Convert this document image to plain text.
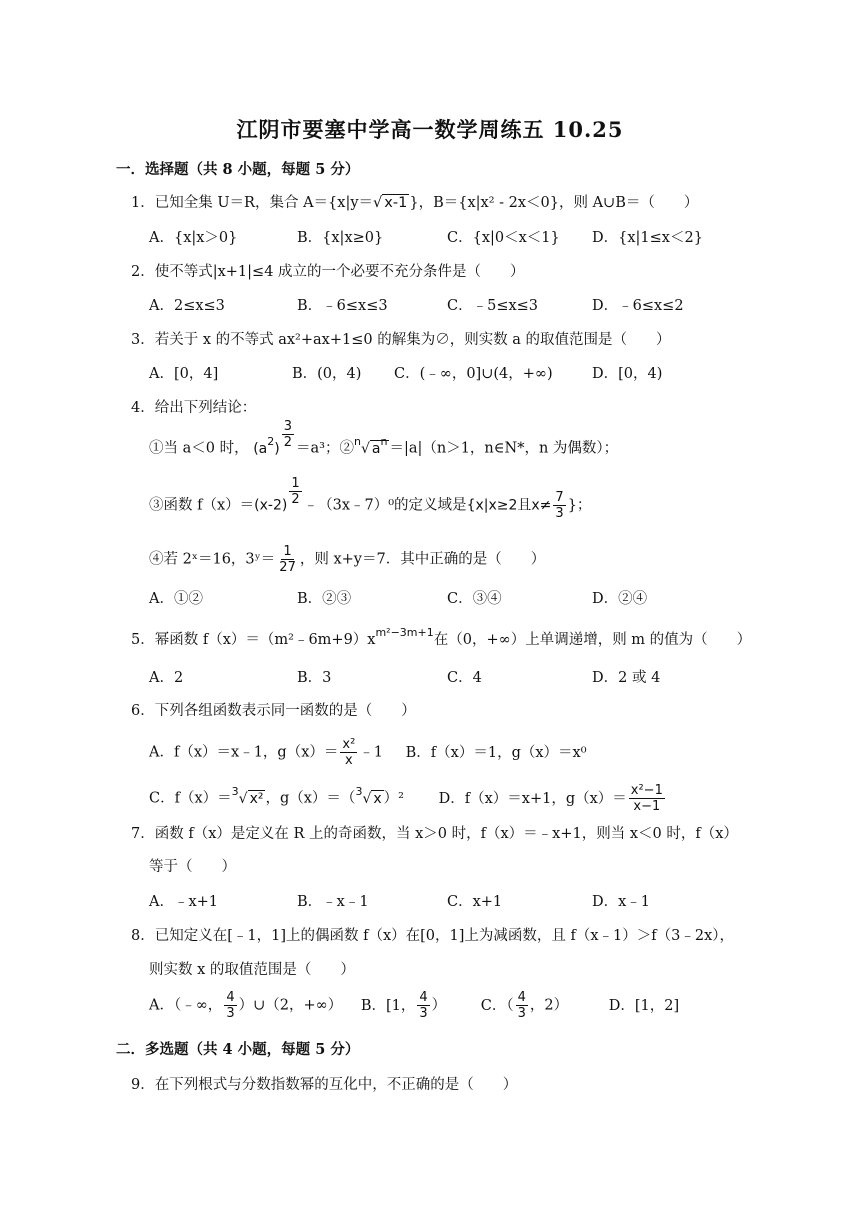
江阴市要塞中学高一数学周练五 10.25
一．选择题（共 8 小题，每题 5 分）
1．已知全集 U＝R，集合 A＝{x|y＝√ x-1 }，B＝{x|x² - 2x＜0}，则 A∪B＝（　　）
A．{x|x＞0}	B．{x|x≥0}	C．{x|0＜x＜1} D．{x|1≤x＜2}
2．使不等式|x+1|≤4 成立的一个必要不充分条件是（　　）
A．2≤x≤3	B．﹣6≤x≤3	C．﹣5≤x≤3	D．﹣6≤x≤2
3．若关于 x 的不等式 ax²+ax+1≤0 的解集为∅，则实数 a 的取值范围是（　　）
A．[0，4]	B．(0，4) C．(﹣∞，0]∪(4，+∞)	D．[0，4)
4．给出下列结论：
①当 a＜0 时， $(a^2) \frac{3}{2} =a^3$；②$^n$√ $a^n =|a|(n>1$，n∈N*，n 为偶数）；
③函数 $f(x)=(x-2) \frac{1}{2}$ ﹣（3x﹣7）⁰的定义域是{x|x≥2且$x\ne \frac{7}{3}$ }；
④若 2ˣ＝16，3ʸ＝ $\frac{1}{27}$ ，则 x+y＝7．其中正确的是（　　）
A．①②	B．②③	C．③④	D．②④
5．幂函数 $f(x)=(m^2﹣6m+9)x^{m^2-3m+1}$在（0，+∞）上单调递增，则 m 的值为（　　）
A．2	B．3	C．4	D．2 或 4
6．下列各组函数表示同一函数的是（　　）
A．f（x）＝x﹣1，$g(x)= \frac{\text{x²}}{x}$ ﹣1 B．f（x）＝1，g（x）＝x⁰
C．f（x）＝$^3$√ x² ，g（x）＝（$^3$√ x ）² D．f（x）＝x+1，$g(x)= \frac{\text{x²−1}}{x-1}$
7．函数 f（x）是定义在 R 上的奇函数，当 x＞0 时，f（x）＝﹣x+1，则当 x＜0 时，f（x）
等于（　　）
A．﹣x+1	B．﹣x﹣1	C．x+1	D．x﹣1
8．已知定义在[﹣1，1]上的偶函数 f（x）在[0，1]上为减函数，且 f（x﹣1）＞f（3﹣2x），
则实数 x 的取值范围是（　　）
A．（﹣∞， $\frac{4}{3}$ ）∪（2，+∞） B．[1， $\frac{4}{3}$ ） C．（ $\frac{4}{3}$ ，2）	D．[1，2]
二．多选题（共 4 小题，每题 5 分）
9．在下列根式与分数指数幂的互化中，不正确的是（　　）
